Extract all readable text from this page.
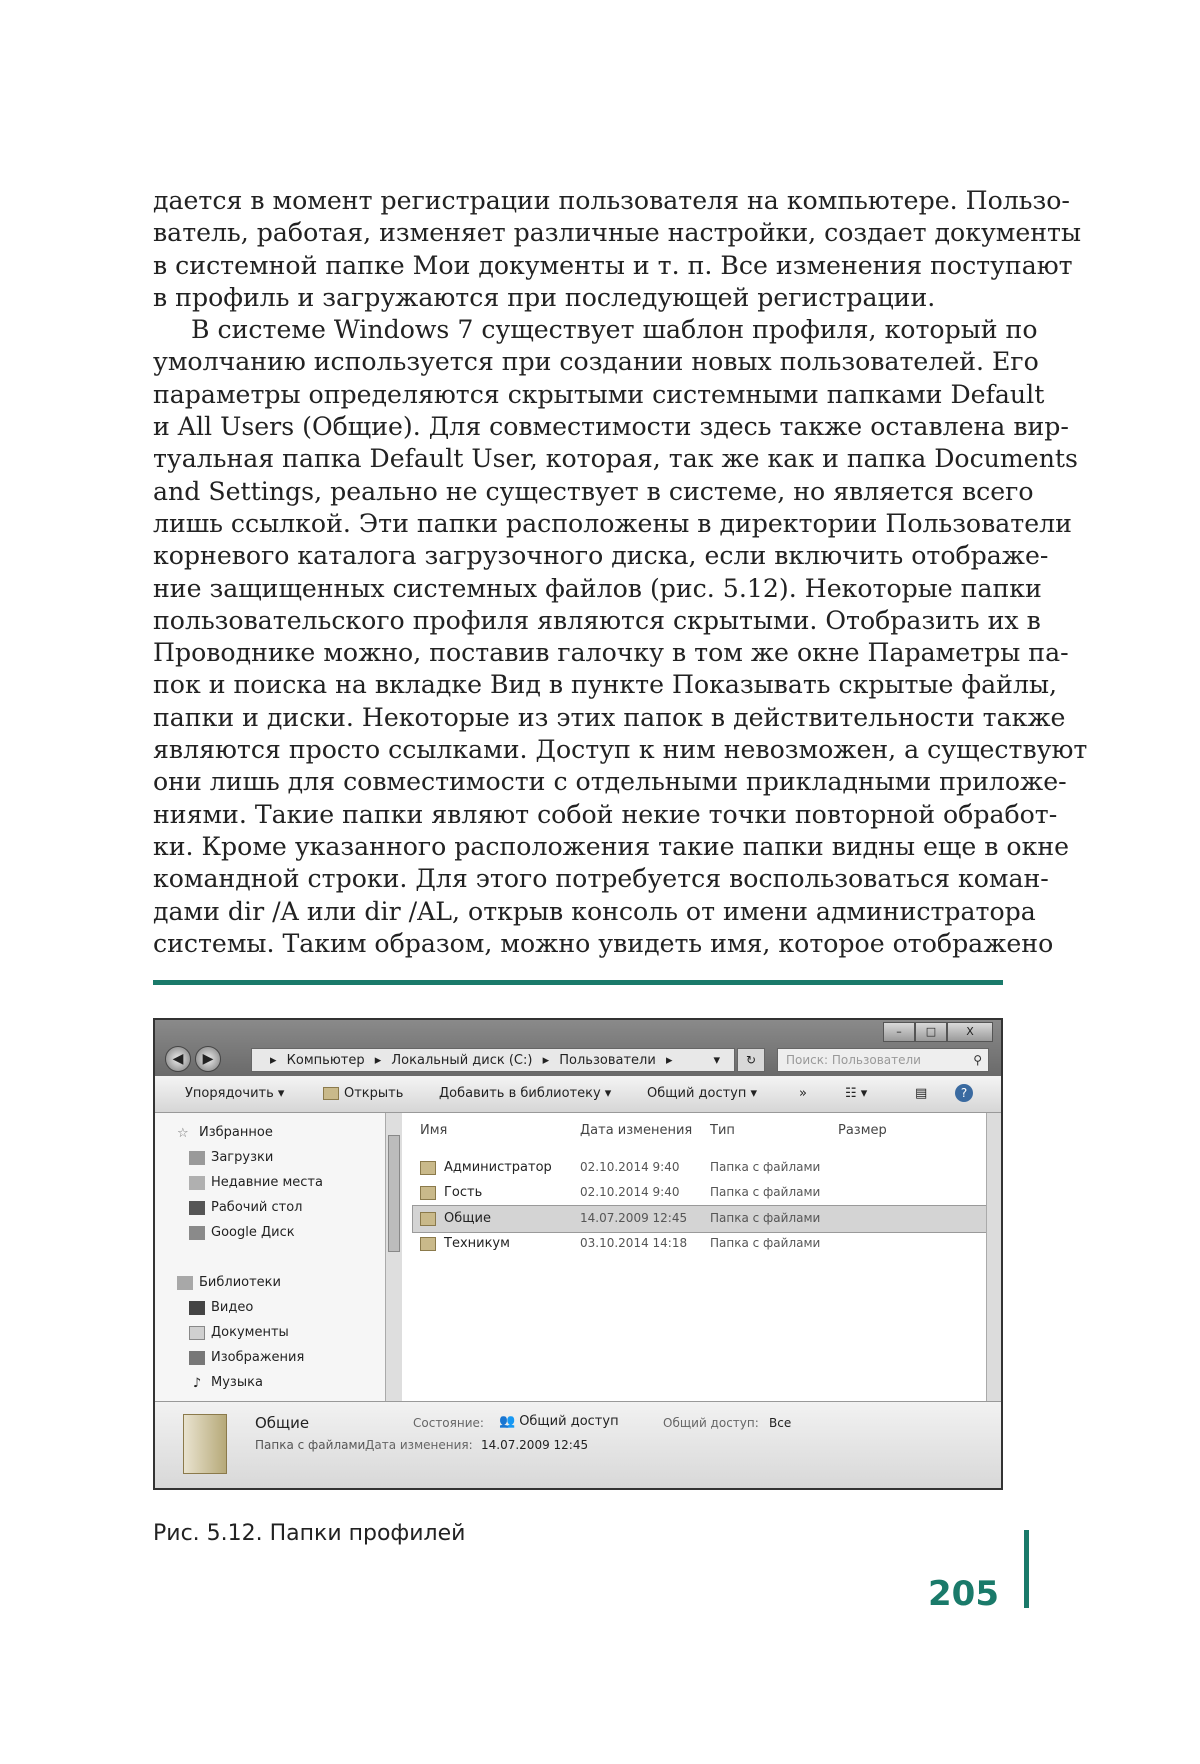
дается в момент регистрации пользователя на компьютере. Пользо-
ватель, работая, изменяет различные настройки, создает документы
в системной папке Мои документы и т. п. Все изменения поступают
в профиль и загружаются при последующей регистрации.
В системе Windows 7 существует шаблон профиля, который по
умолчанию используется при создании новых пользователей. Его
параметры определяются скрытыми системными папками Default
и All Users (Общие). Для совместимости здесь также оставлена вир-
туальная папка Default User, которая, так же как и папка Documents
and Settings, реально не существует в системе, но является всего
лишь ссылкой. Эти папки расположены в директории Пользователи
корневого каталога загрузочного диска, если включить отображе-
ние защищенных системных файлов (рис. 5.12). Некоторые папки
пользовательского профиля являются скрытыми. Отобразить их в
Проводнике можно, поставив галочку в том же окне Параметры па-
пок и поиска на вкладке Вид в пункте Показывать скрытые файлы,
папки и диски. Некоторые из этих папок в действительности также
являются просто ссылками. Доступ к ним невозможен, а существуют
они лишь для совместимости с отдельными прикладными приложе-
ниями. Такие папки являют собой некие точки повторной обработ-
ки. Кроме указанного расположения такие папки видны еще в окне
командной строки. Для этого потребуется воспользоваться коман-
дами dir /A или dir /AL, открыв консоль от имени администратора
системы. Таким образом, можно увидеть имя, которое отображено
–	□	X
◀	▶	▸ Компьютер ▸ Локальный диск (C:) ▸ Пользователи ▸	▾	↻	Поиск: Пользователи	⚲
Упорядочить ▾	Открыть	Добавить в библиотеку ▾	Общий доступ ▾	»	☷ ▾	▤	?
☆ Избранное
Загрузки
Недавние места
Рабочий стол
Google Диск
Библиотеки
Видео
Документы
Изображения
♪ Музыка
Имя	Дата изменения Тип	Размер
Администратор 02.10.2014 9:40	Папка с файлами
Гость	02.10.2014 9:40	Папка с файлами
Общие	14.07.2009 12:45 Папка с файлами
Техникум	03.10.2014 14:18 Папка с файлами
Общие
Папка с файлами
Состояние: 👥 Общий доступ
Дата изменения: 14.07.2009 12:45
Общий доступ: Все
Рис. 5.12. Папки профилей
205
